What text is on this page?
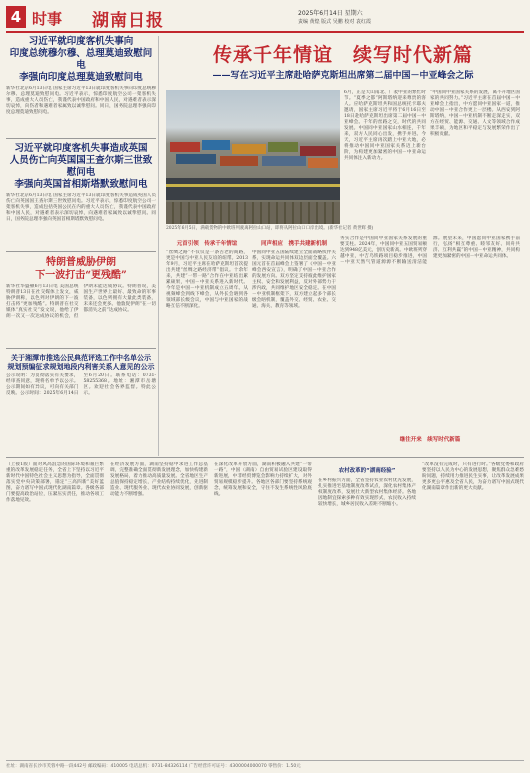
4 时事 湖南日报	2025年6月14日 星期六
责编 黄煌 版式 吴鹏 校对 袁红霞
习近平就印度客机失事向
印度总统穆尔穆、总理莫迪致慰问电
李强向印度总理莫迪致慰问电
新华社北京6月13日电 国家主席习近平13日就印度客机失事向印度总统穆尔穆、总理莫迪致慰问电。习近平表示，惊悉印度航空公司一架客机失事，造成重大人员伤亡，我谨代表中国政府和中国人民，对遇难者表示深切哀悼，向伤者和遇难者家属致以诚挚慰问。同日，国务院总理李强向印度总理莫迪致慰问电。
习近平就印度客机失事造成英国
人员伤亡向英国国王查尔斯三世致慰问电
李强向英国首相斯塔默致慰问电
新华社北京6月13日电 国家主席习近平13日就印度客机失事造成英国人员伤亡向英国国王查尔斯三世致慰问电。习近平表示，惊悉印度航空公司一架客机失事，造成包括英国公民在内的重大人员伤亡，我谨代表中国政府和中国人民，对遇难者表示深切哀悼，向遇难者家属致以诚挚慰问。同日，国务院总理李强向英国首相斯塔默致慰问电。
特朗普威胁伊朗
下一波打击“更残酷”
新华社华盛顿6月13日电 美国总统特朗普13日在社交媒体上发文，威胁伊朗称，以色列对伊朗的下一波打击将“更加残酷”。特朗普在社交媒体“真实社交”发文说，他给了伊朗一次又一次达成协议的机会，但伊朗未能达成协议。特朗普说，美国生产世界上最好、最致命的军事装备，以色列拥有大量此类装备，未来还会更多。他敦促伊朗“在一切都消失之前”达成协议。
关于湘潭市推选公民典范评选工作中名单公示
规划预编征求规划地段内利害关系人意见的公示
公示说明：为贯彻落实有关要求，经审查同意，现将名单予以公示。公示期间如有异议，可向有关部门反映。公示时间：2025年6月14日至6月20日。联系电话：0731-58255368。地址：湘潭市岳塘区。欢迎社会各界监督。特此公示。
传承千年情谊　续写时代新篇
——写在习近平主席赴哈萨克斯坦出席第二届中国－中亚峰会之际
2025年6月5日，满载货物的中欧班列驶离阿拉山口站，即将从阿拉山口口岸出境。(新华社记者 黄世辉 摄)
6月，正是天山南北、广袤中亚的繁忙时节。“夏季之都”阿斯塔纳迎来尊贵的客人。应哈萨克斯坦共和国总统托卡耶夫邀请，国家主席习近平将于6月16日至18日赴哈萨克斯坦出席第二届中国－中亚峰会。千年的丝路之交，时代的共同发展。中国同中亚国家山水相连，千年来，双方人民同心出发，携手并进。今天，习近平主席再次踏上中亚大地，必将推动中国同中亚国家关系迈上新台阶，为构建更加紧密的中国－中亚命运共同体注入新动力。
“中国同中亚国家关系的发展，离不开地区国家的共同努力。”习近平主席在首届中国－中亚峰会上指出，中方愿同中亚国家一道，推动中国－中亚合作更上一层楼。从西安到阿斯塔纳，中国－中亚机制不断走深走实，双方在经贸、能源、交通、人文等领域合作成果丰硕，为地区和平稳定与发展繁荣作出了积极贡献。
元首引领　传承千年情谊
“丝绸之路”不仅仅是一条古老的商路，更是中国与中亚人民友谊的纽带。2013年9月，习近平主席在哈萨克斯坦首次提出共建“丝绸之路经济带”倡议。十余年来，共建“一带一路”合作在中亚结出累累硕果，中国－中亚关系进入新时代。今年是中国－中亚机制成立五周年。从视频峰会到线下峰会，从外长会晤到各领域部长级会议，中国与中亚国家的战略互信不断深化。
同声相应　携手共建新机制
中国同中亚五国陆续建立全面战略伙伴关系，实现命运共同体双边层面全覆盖。六国元首在首届峰会上签署了《中国－中亚峰会西安宣言》，明确了中国－中亚合作的发展方向。双方坚定支持彼此维护国家主权、安全和发展利益，反对外部势力干涉内政，共同维护地区安全稳定。在中国－中亚机制框架下，双方建立起多个部长级会晤机制，覆盖外交、经贸、农业、交通、海关、教育等领域。
务实合作是中国同中亚国家关系发展的重要支柱。2024年，中国同中亚五国贸易额达到948亿美元，创历史新高。中欧班列穿越中亚，中吉乌铁路项目稳步推进，中国－中亚天然气管道源源不断输送清洁能源。展望未来，中国愿同中亚国家携手前行，弘扬“相互尊重、睦邻友好、同舟共济、互利共赢”的中国－中亚精神，共同构建更加紧密的中国－中亚命运共同体。
继往开来　续写时代新篇
（上接1版）面对风高浪急的国际环境和艰巨繁重的改革发展稳定任务，全省上下坚持以习近平新时代中国特色社会主义思想为指导，全面贯彻落实党中央决策部署，锚定“三高四新”美好蓝图，奋力谱写中国式现代化湖南篇章。各级各部门要提高政治站位，压紧压实责任，推动各项工作落地见效。
在经济发展方面，湖南坚持稳中求进工作总基调，完整准确全面贯彻新发展理念，加快构建新发展格局，着力推动高质量发展。全省地区生产总值保持稳定增长，产业结构持续优化，先进制造业、现代服务业、现代农业协同发展，创新驱动能力不断增强。
在深化改革开放方面，湖南积极融入共建“一带一路”，中国（湖南）自由贸易试验区建设取得新进展，中非经贸博览会影响力持续扩大，对外贸易规模稳步提升。各地区各部门要坚持系统观念，统筹发展和安全，守住不发生系统性风险底线。
农村改革的“湖南经验”
在乡村振兴方面，全省坚持农业农村优先发展，扎实推进宅基地制度改革试点，深化农村集体产权制度改革，发展壮大新型农村集体经济。各地因地制宜探索多种有效实现形式，农民收入持续较快增长，城乡居民收入差距不断缩小。
“改革没有完成时，只有进行时。”各级党委和政府要坚持以人民为中心的发展思想，聚焦群众急难愁盼问题，持续用力推进民生实事，让改革发展成果更多更公平惠及全省人民，为奋力谱写中国式现代化湖南篇章作出新的更大贡献。
社址：湖南省长沙市芙蓉中路一段442号 邮政编码：410005 电话总机：0731-84326114 广告经营许可证号：4300004000070 零售价：1.50元
